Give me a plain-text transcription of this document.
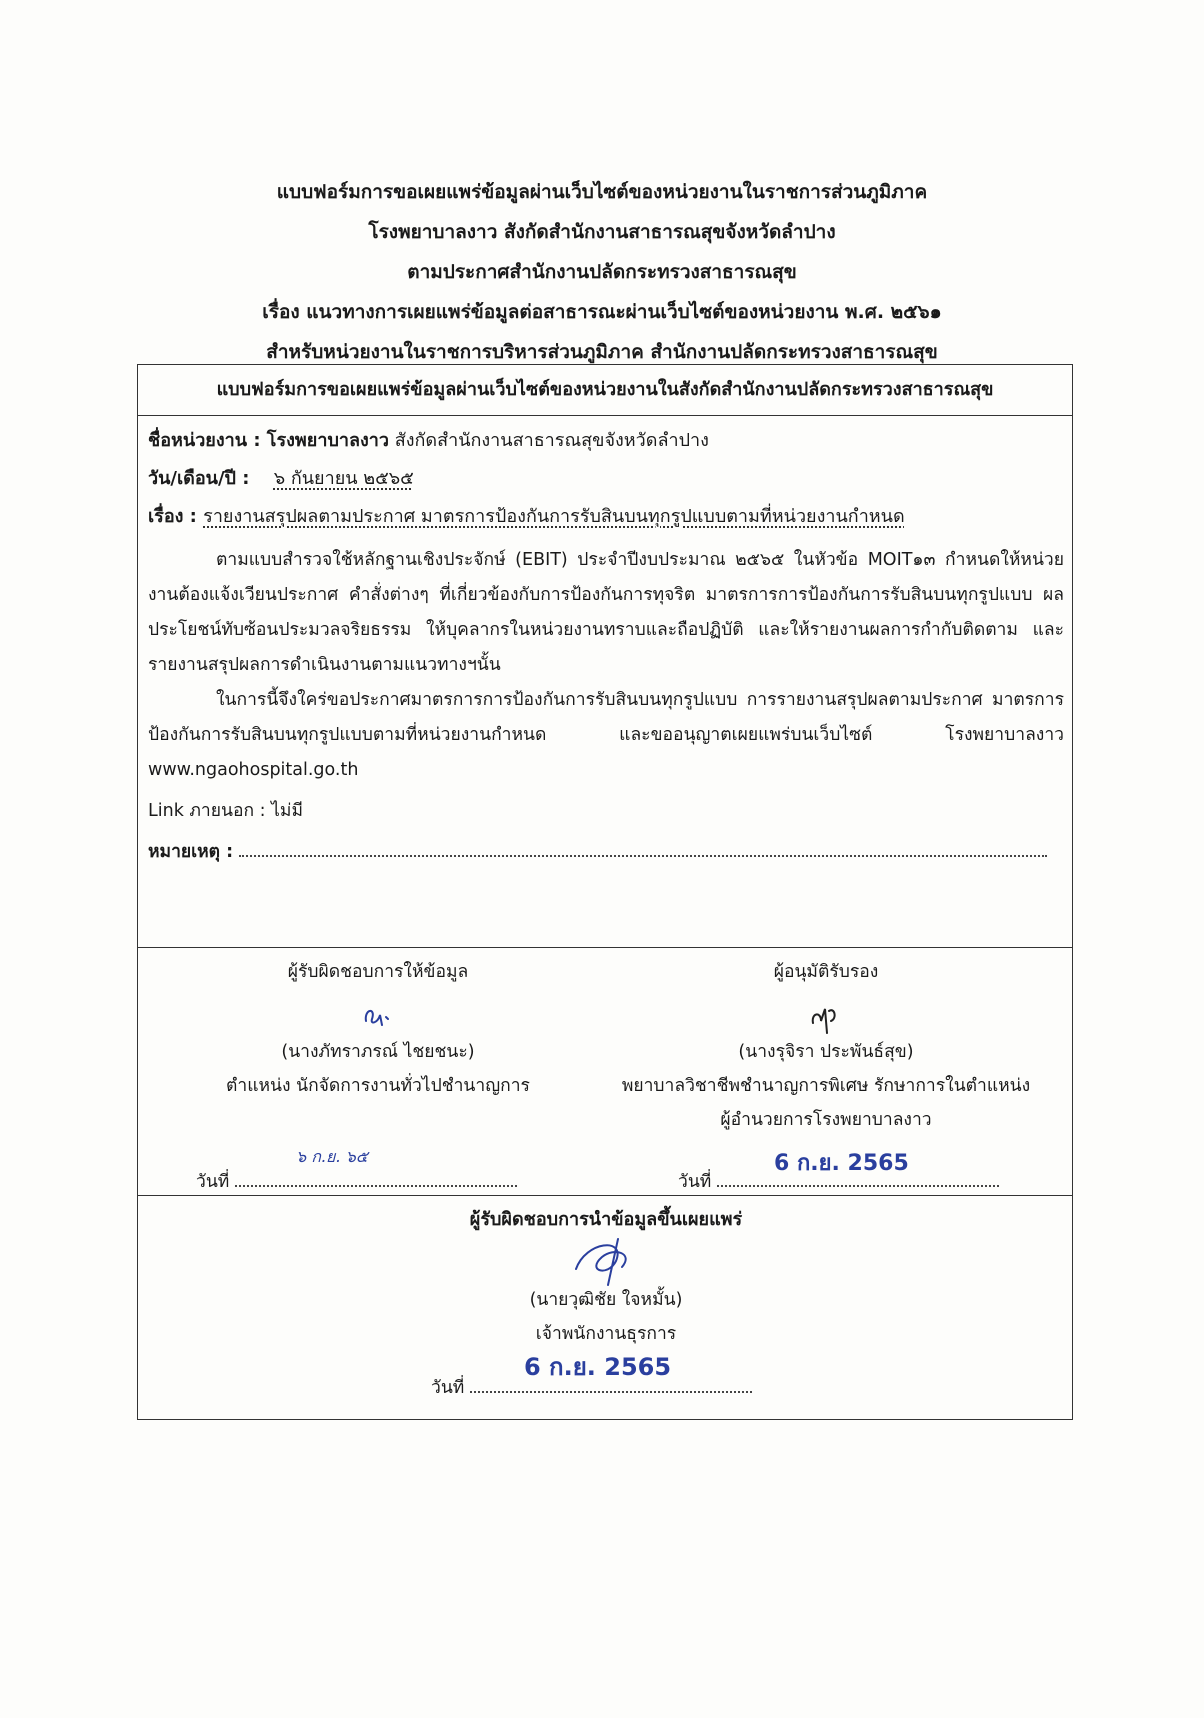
แบบฟอร์มการขอเผยแพร่ข้อมูลผ่านเว็บไซต์ของหน่วยงานในราชการส่วนภูมิภาค
โรงพยาบาลงาว สังกัดสำนักงานสาธารณสุขจังหวัดลำปาง
ตามประกาศสำนักงานปลัดกระทรวงสาธารณสุข
เรื่อง แนวทางการเผยแพร่ข้อมูลต่อสาธารณะผ่านเว็บไซต์ของหน่วยงาน พ.ศ. ๒๕๖๑
สำหรับหน่วยงานในราชการบริหารส่วนภูมิภาค สำนักงานปลัดกระทรวงสาธารณสุข
แบบฟอร์มการขอเผยแพร่ข้อมูลผ่านเว็บไซต์ของหน่วยงานในสังกัดสำนักงานปลัดกระทรวงสาธารณสุข
ชื่อหน่วยงาน : โรงพยาบาลงาว สังกัดสำนักงานสาธารณสุขจังหวัดลำปาง
วัน/เดือน/ปี : ๖ กันยายน ๒๕๖๕
เรื่อง : รายงานสรุปผลตามประกาศ มาตรการป้องกันการรับสินบนทุกรูปแบบตามที่หน่วยงานกำหนด

ตามแบบสำรวจใช้หลักฐานเชิงประจักษ์ (EBIT) ประจำปีงบประมาณ ๒๕๖๕ ในหัวข้อ MOIT๑๓ กำหนดให้หน่วยงานต้องแจ้งเวียนประกาศ คำสั่งต่างๆ ที่เกี่ยวข้องกับการป้องกันการทุจริต มาตรการการป้องกันการรับสินบนทุกรูปแบบ ผลประโยชน์ทับซ้อนประมวลจริยธรรม ให้บุคลากรในหน่วยงานทราบและถือปฏิบัติ และให้รายงานผลการกำกับติดตาม และรายงานสรุปผลการดำเนินงานตามแนวทางฯนั้น

ในการนี้จึงใคร่ขอประกาศมาตรการการป้องกันการรับสินบนทุกรูปแบบ การรายงานสรุปผลตามประกาศ มาตรการป้องกันการรับสินบนทุกรูปแบบตามที่หน่วยงานกำหนด และขออนุญาตเผยแพร่บนเว็บไซต์ โรงพยาบาลงาว www.ngaohospital.go.th

Link ภายนอก : ไม่มี

หมายเหตุ :

ผู้รับผิดชอบการให้ข้อมูล
(นางภัทราภรณ์ ไชยชนะ)
ตำแหน่ง นักจัดการงานทั่วไปชำนาญการ
วันที่
๖ ก.ย. ๖๕
ผู้อนุมัติรับรอง
(นางรุจิรา ประพันธ์สุข)
พยาบาลวิชาชีพชำนาญการพิเศษ รักษาการในตำแหน่ง
ผู้อำนวยการโรงพยาบาลงาว
วันที่
6 ก.ย. 2565
ผู้รับผิดชอบการนำข้อมูลขึ้นเผยแพร่
(นายวุฒิชัย ใจหมั้น)
เจ้าพนักงานธุรการ
วันที่
6 ก.ย. 2565
